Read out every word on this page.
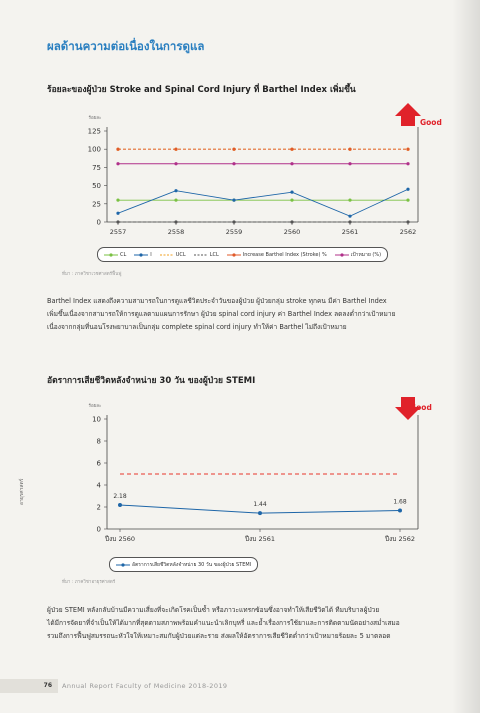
ผลด้านความต่อเนื่องในการดูแล
ร้อยละของผู้ป่วย Stroke and Spinal Cord Injury ที่ Barthel Index เพิ่มขึ้น
ร้อยละ
125
100
75
50
25
0
2557	2558	2559	2560	2561	2562
Good
CL	I	UCL	LCL	Increase Barthel Index (Stroke) %	เป้าหมาย (%)
ที่มา : ภาควิชาเวชศาสตร์ฟื้นฟู

Barthel Index แสดงถึงความสามารถในการดูแลชีวิตประจำวันของผู้ป่วย ผู้ป่วยกลุ่ม stroke ทุกคน มีค่า Barthel Index

เพิ่มขึ้นเนื่องจากสามารถให้การดูแลตามแผนการรักษา ผู้ป่วย spinal cord injury ค่า Barthel Index ลดลงต่ำกว่าเป้าหมาย

เนื่องจากกลุ่มที่นอนโรงพยาบาลเป็นกลุ่ม complete spinal cord injury ทำให้ค่า Barthel ไม่ถึงเป้าหมาย

อัตราการเสียชีวิตหลังจำหน่าย 30 วัน ของผู้ป่วย STEMI
ร้อยละ
10
8
6
4
2
0
ปีงบ 2560	ปีงบ 2561	ปีงบ 2562
2.18
1.44	1.68
Good
อัตราการเสียชีวิตหลังจำหน่าย 30 วัน ของผู้ป่วย STEMI
ที่มา : ภาควิชาอายุรศาสตร์
อายุรศาสตร์

ผู้ป่วย STEMI หลังกลับบ้านมีความเสี่ยงที่จะเกิดโรคเป็นซ้ำ หรือภาวะแทรกซ้อนซึ่งอาจทำให้เสียชีวิตได้ ทีมบริบาลผู้ป่วย

ได้มีการจัดยาที่จำเป็นให้ได้มากที่สุดตามสภาพพร้อมคำแนะนำเลิกบุหรี่ และย้ำเรื่องการใช้ยาและการติดตามนัดอย่างสม่ำเสมอ

รวมถึงการฟื้นฟูสมรรถนะหัวใจให้เหมาะสมกับผู้ป่วยแต่ละราย ส่งผลให้อัตราการเสียชีวิตต่ำกว่าเป้าหมายร้อยละ 5 มาตลอด

76	Annual Report Faculty of Medicine 2018-2019
